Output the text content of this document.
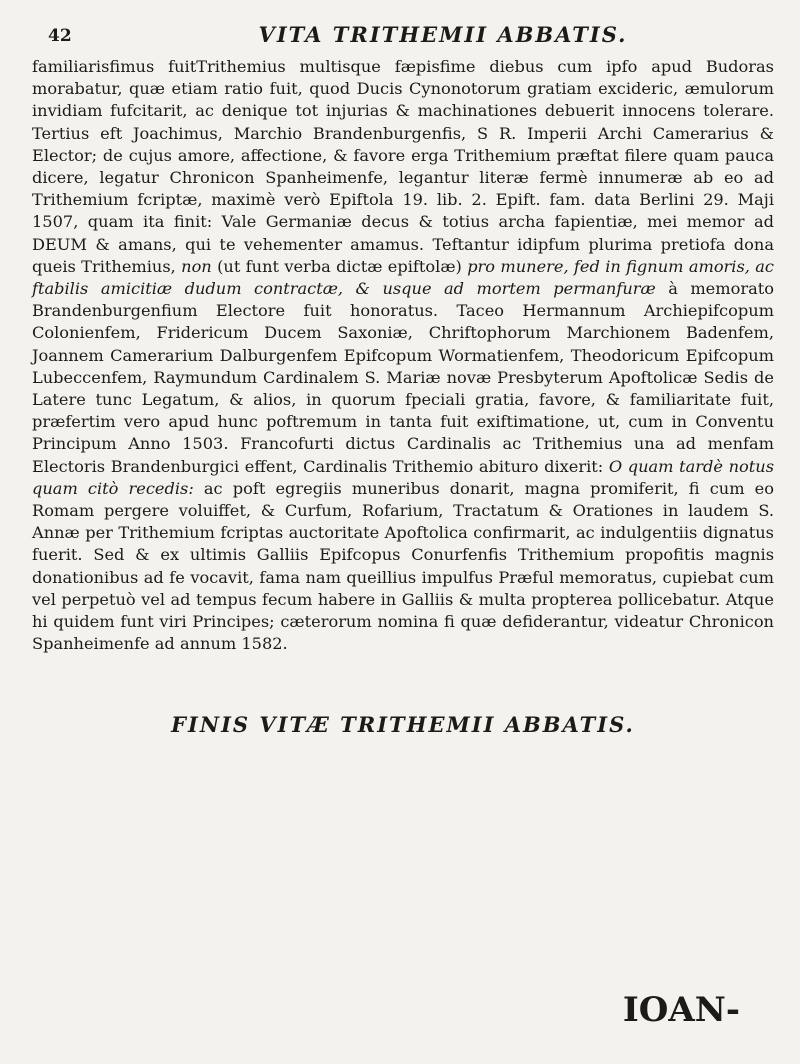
42	VITA TRITHEMII ABBATIS.
familiarisfimus fuitTrithemius multisque fæpisfime diebus cum ipfo apud Budoras morabatur, quæ etiam ratio fuit, quod Ducis Cynonotorum gratiam excideric, æmulorum invidiam fufcitarit, ac denique tot injurias & machinationes debuerit innocens tolerare. Tertius eft Joachimus, Marchio Brandenburgenfis, S R. Imperii Archi Camerarius & Elector; de cujus amore, affectione, & favore erga Trithemium præftat filere quam pauca dicere, legatur Chronicon Spanheimenfe, legantur literæ fermè innumeræ ab eo ad Trithemium fcriptæ, maximè verò Epiftola 19. lib. 2. Epift. fam. data Berlini 29. Maji 1507, quam ita finit: Vale Germaniæ decus & totius archa fapientiæ, mei memor ad DEUM & amans, qui te vehementer amamus. Teftantur idipfum plurima pretiofa dona queis Trithemius, non (ut funt verba dictæ epiftolæ) pro munere, fed in fignum amoris, ac ftabilis amicitiæ dudum contractæ, & usque ad mortem permanfuræ à memorato Brandenburgenfium Electore fuit honoratus. Taceo Hermannum Archiepifcopum Colonienfem, Fridericum Ducem Saxoniæ, Chriftophorum Marchionem Badenfem, Joannem Camerarium Dalburgenfem Epifcopum Wormatienfem, Theodoricum Epifcopum Lubeccenfem, Raymundum Cardinalem S. Mariæ novæ Presbyterum Apoftolicæ Sedis de Latere tunc Legatum, & alios, in quorum fpeciali gratia, favore, & familiaritate fuit, præfertim vero apud hunc poftremum in tanta fuit exiftimatione, ut, cum in Conventu Principum Anno 1503. Francofurti dictus Cardinalis ac Trithemius una ad menfam Electoris Brandenburgici effent, Cardinalis Trithemio abituro dixerit: O quam tardè notus quam citò recedis: ac poft egregiis muneribus donarit, magna promiferit, fi cum eo Romam pergere voluiffet, & Curfum, Rofarium, Tractatum & Orationes in laudem S. Annæ per Trithemium fcriptas auctoritate Apoftolica confirmarit, ac indulgentiis dignatus fuerit. Sed & ex ultimis Galliis Epifcopus Conurfenfis Trithemium propofitis magnis donationibus ad fe vocavit, fama nam queillius impulfus Præful memoratus, cupiebat cum vel perpetuò vel ad tempus fecum habere in Galliis & multa propterea pollicebatur. Atque hi quidem funt viri Principes; cæterorum nomina fi quæ defiderantur, videatur Chronicon Spanheimenfe ad annum 1582.
FINIS VITÆ TRITHEMII ABBATIS.
IOAN-
